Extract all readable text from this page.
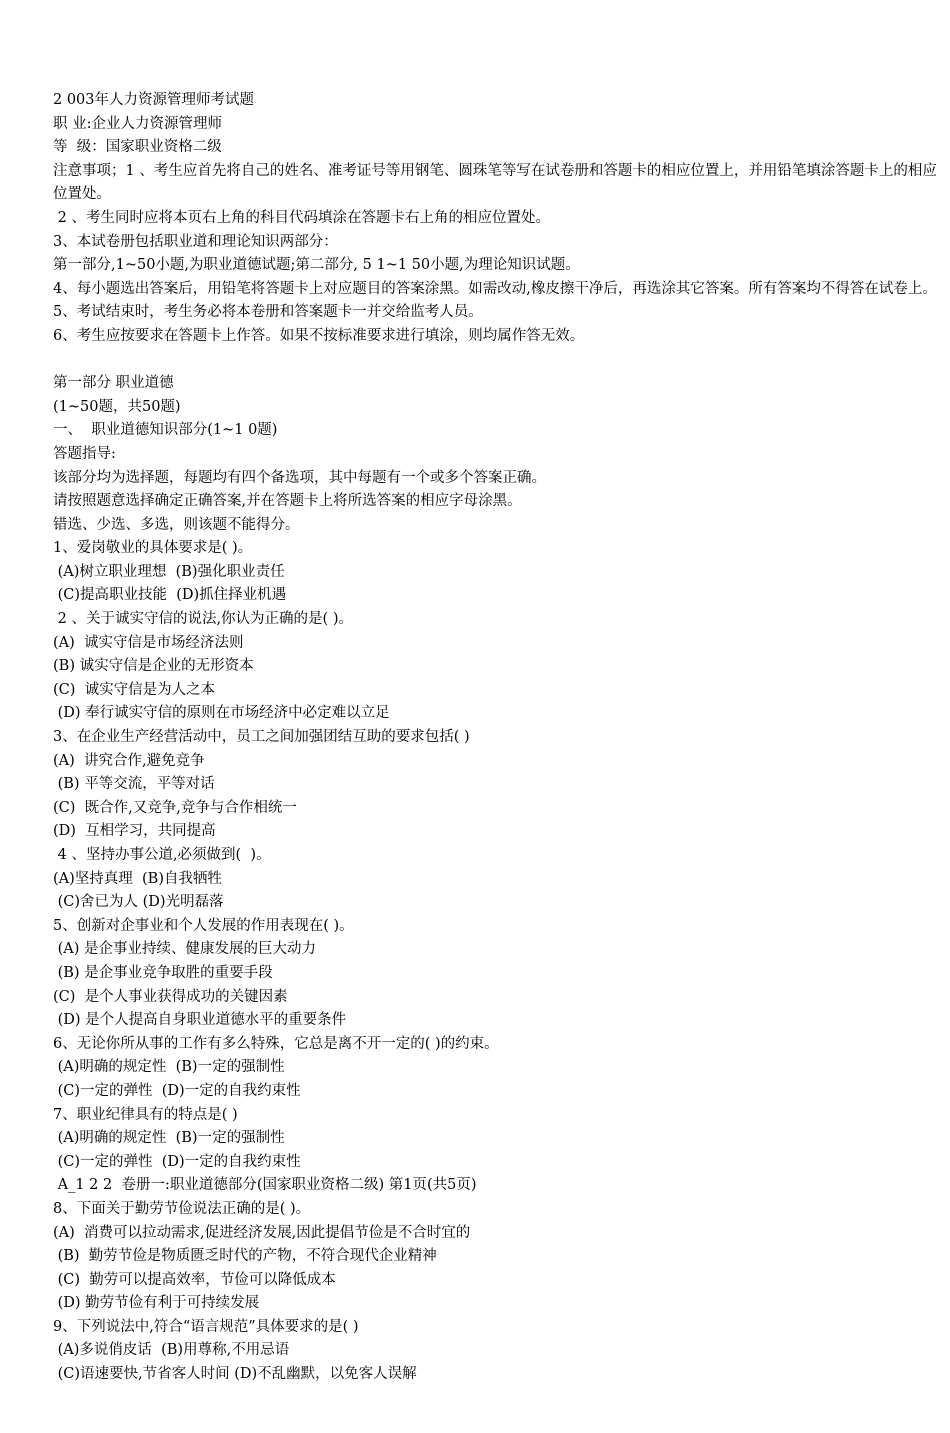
2 003年人力资源管理师考试题

职 业:企业人力资源管理师

等  级：国家职业资格二级

注意事项；1 、考生应首先将自己的姓名、准考证号等用钢笔、圆珠笔等写在试卷册和答题卡的相应位置上，并用铅笔填涂答题卡上的相应位置处。

2 、考生同时应将本页右上角的科目代码填涂在答题卡右上角的相应位置处。

3、本试卷册包括职业道和理论知识两部分：

第一部分,1~50小题,为职业道德试题;第二部分, 5 1~1 50小题,为理论知识试题。

4、每小题选出答案后，用铅笔将答题卡上对应题目的答案涂黑。如需改动,橡皮擦干净后，再选涂其它答案。所有答案均不得答在试卷上。

5、考试结束时，考生务必将本卷册和答案题卡一并交给监考人员。

6、考生应按要求在答题卡上作答。如果不按标准要求进行填涂，则均属作答无效。

第一部分 职业道德

(1~50题，共50题)

一、  职业道德知识部分(1~1 0题)

答题指导:

该部分均为选择题，每题均有四个备选项，其中每题有一个或多个答案正确。

请按照题意选择确定正确答案,并在答题卡上将所选答案的相应字母涂黑。

错选、少选、多选，则该题不能得分。

1、爱岗敬业的具体要求是( )。

(A)树立职业理想  (B)强化职业责任

(C)提高职业技能  (D)抓住择业机遇

2 、关于诚实守信的说法,你认为正确的是( )。

(A)  诚实守信是市场经济法则

(B) 诚实守信是企业的无形资本

(C)  诚实守信是为人之本

(D) 奉行诚实守信的原则在市场经济中必定难以立足

3、在企业生产经营活动中，员工之间加强团结互助的要求包括( )

(A)  讲究合作,避免竞争

(B) 平等交流，平等对话

(C)  既合作,又竞争,竞争与合作相统一

(D)  互相学习，共同提高

4 、坚持办事公道,必须做到(  )。

(A)坚持真理  (B)自我牺牲

(C)舍已为人 (D)光明磊落

5、创新对企事业和个人发展的作用表现在( )。

(A) 是企事业持续、健康发展的巨大动力

(B) 是企事业竞争取胜的重要手段

(C)  是个人事业获得成功的关键因素

(D) 是个人提高自身职业道德水平的重要条件

6、无论你所从事的工作有多么特殊，它总是离不开一定的( )的约束。

(A)明确的规定性  (B)一定的强制性

(C)一定的弹性  (D)一定的自我约束性

7、职业纪律具有的特点是( )

(A)明确的规定性  (B)一定的强制性

(C)一定的弹性  (D)一定的自我约束性

A_1 2 2  卷册一:职业道德部分(国家职业资格二级) 第1页(共5页)

8、下面关于勤劳节俭说法正确的是( )。

(A)  消费可以拉动需求,促进经济发展,因此提倡节俭是不合时宜的

(B)  勤劳节俭是物质匮乏时代的产物，不符合现代企业精神

(C)  勤劳可以提高效率，节俭可以降低成本

(D) 勤劳节俭有利于可持续发展

9、下列说法中,符合“语言规范”具体要求的是( )

(A)多说俏皮话  (B)用尊称,不用忌语

(C)语速要快,节省客人时间 (D)不乱幽默，以免客人误解
